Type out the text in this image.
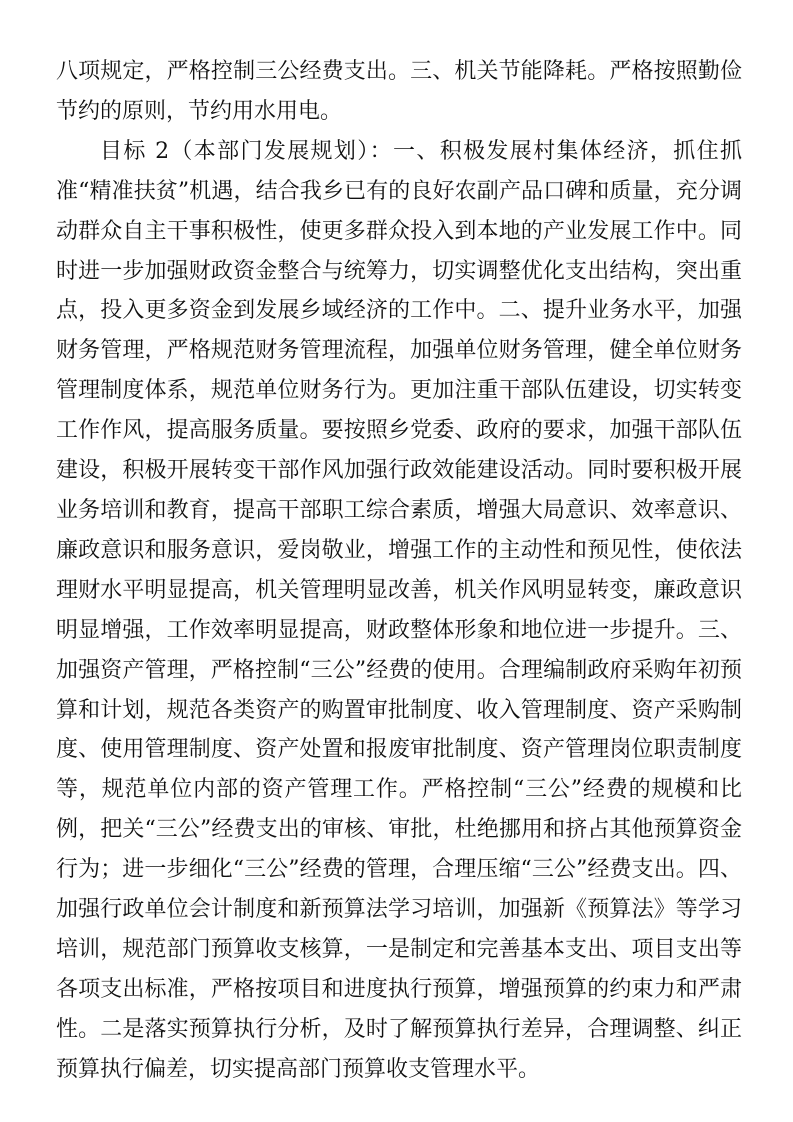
八项规定，严格控制三公经费支出。三、机关节能降耗。严格按照勤俭节约的原则，节约用水用电。

目标 2（本部门发展规划）：一、积极发展村集体经济，抓住抓准“精准扶贫”机遇，结合我乡已有的良好农副产品口碑和质量，充分调动群众自主干事积极性，使更多群众投入到本地的产业发展工作中。同时进一步加强财政资金整合与统筹力，切实调整优化支出结构，突出重点，投入更多资金到发展乡域经济的工作中。二、提升业务水平，加强财务管理，严格规范财务管理流程，加强单位财务管理，健全单位财务管理制度体系，规范单位财务行为。更加注重干部队伍建设，切实转变工作作风，提高服务质量。要按照乡党委、政府的要求，加强干部队伍建设，积极开展转变干部作风加强行政效能建设活动。同时要积极开展业务培训和教育，提高干部职工综合素质，增强大局意识、效率意识、廉政意识和服务意识，爱岗敬业，增强工作的主动性和预见性，使依法理财水平明显提高，机关管理明显改善，机关作风明显转变，廉政意识明显增强，工作效率明显提高，财政整体形象和地位进一步提升。三、加强资产管理，严格控制“三公”经费的使用。合理编制政府采购年初预算和计划，规范各类资产的购置审批制度、收入管理制度、资产采购制度、使用管理制度、资产处置和报废审批制度、资产管理岗位职责制度等，规范单位内部的资产管理工作。严格控制“三公”经费的规模和比例，把关“三公”经费支出的审核、审批，杜绝挪用和挤占其他预算资金行为；进一步细化“三公”经费的管理，合理压缩“三公”经费支出。四、加强行政单位会计制度和新预算法学习培训，加强新《预算法》等学习培训，规范部门预算收支核算，一是制定和完善基本支出、项目支出等各项支出标准，严格按项目和进度执行预算，增强预算的约束力和严肃性。二是落实预算执行分析，及时了解预算执行差异，合理调整、纠正预算执行偏差，切实提高部门预算收支管理水平。
